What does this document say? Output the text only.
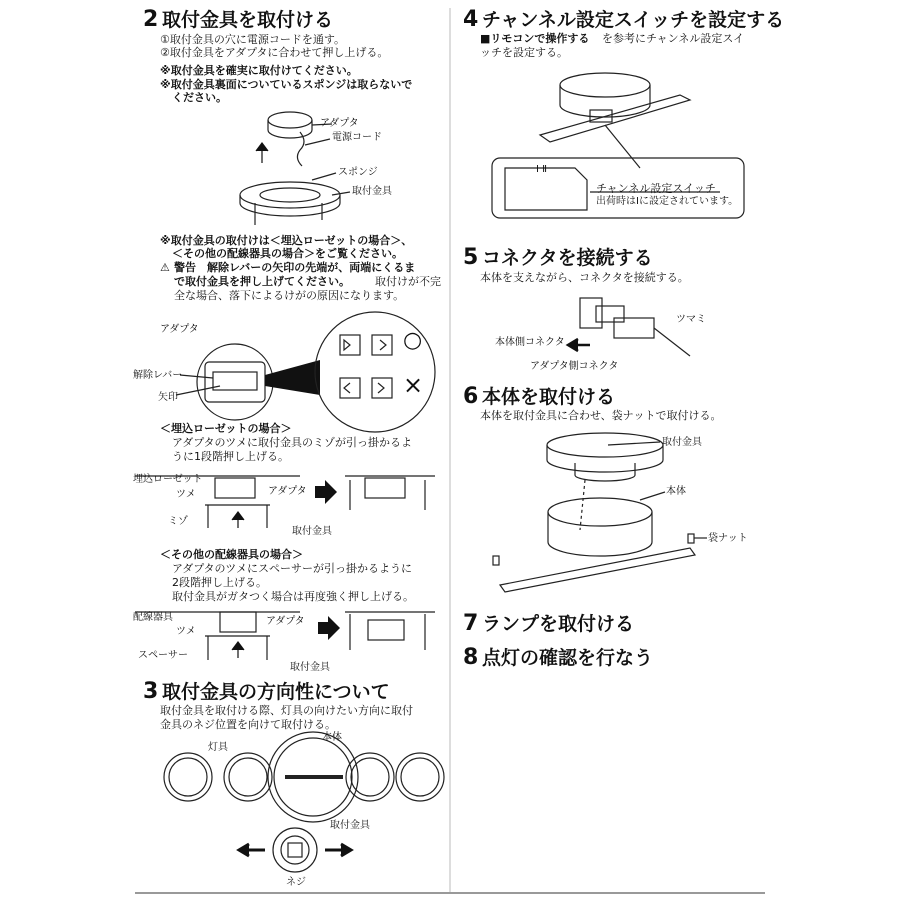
2 取付金具を取付ける
①取付金具の穴に電源コードを通す。
②取付金具をアダプタに合わせて押し上げる。
※取付金具を確実に取付けてください。
※取付金具裏面についているスポンジは取らないで
ください。
アダプタ
電源コード
スポンジ
取付金具
※取付金具の取付けは＜埋込ローゼットの場合＞、
＜その他の配線器具の場合＞をご覧ください。
⚠ 警告　解除レバーの矢印の先端が、両端にくるま
で取付金具を押し上げてください。 取付けが不完
全な場合、落下によるけがの原因になります。
アダプタ
解除レバー
矢印
○
×
＜埋込ローゼットの場合＞
アダプタのツメに取付金具のミゾが引っ掛かるよ
うに1段階押し上げる。
埋込ローゼット
ツメ	アダプタ
ミゾ
取付金具
＜その他の配線器具の場合＞
アダプタのツメにスペーサーが引っ掛かるように
2段階押し上げる。
取付金具がガタつく場合は再度強く押し上げる。
配線器具
ツメ
アダプタ
スペーサー
取付金具
3 取付金具の方向性について
取付金具を取付ける際、灯具の向けたい方向に取付
金具のネジ位置を向けて取付ける。
灯具
本体
取付金具
ネジ
4 チャンネル設定スイッチを設定する
■リモコンで操作する を参考にチャンネル設定スイ
ッチを設定する。
Ⅰ Ⅱ
チャンネル設定スイッチ
出荷時はⅠに設定されています。
5 コネクタを接続する
本体を支えながら、コネクタを接続する。
ツマミ
本体側コネクタ
アダプタ側コネクタ
6 本体を取付ける
本体を取付金具に合わせ、袋ナットで取付ける。
取付金具
本体
袋ナット
7 ランプを取付ける
8 点灯の確認を行なう
